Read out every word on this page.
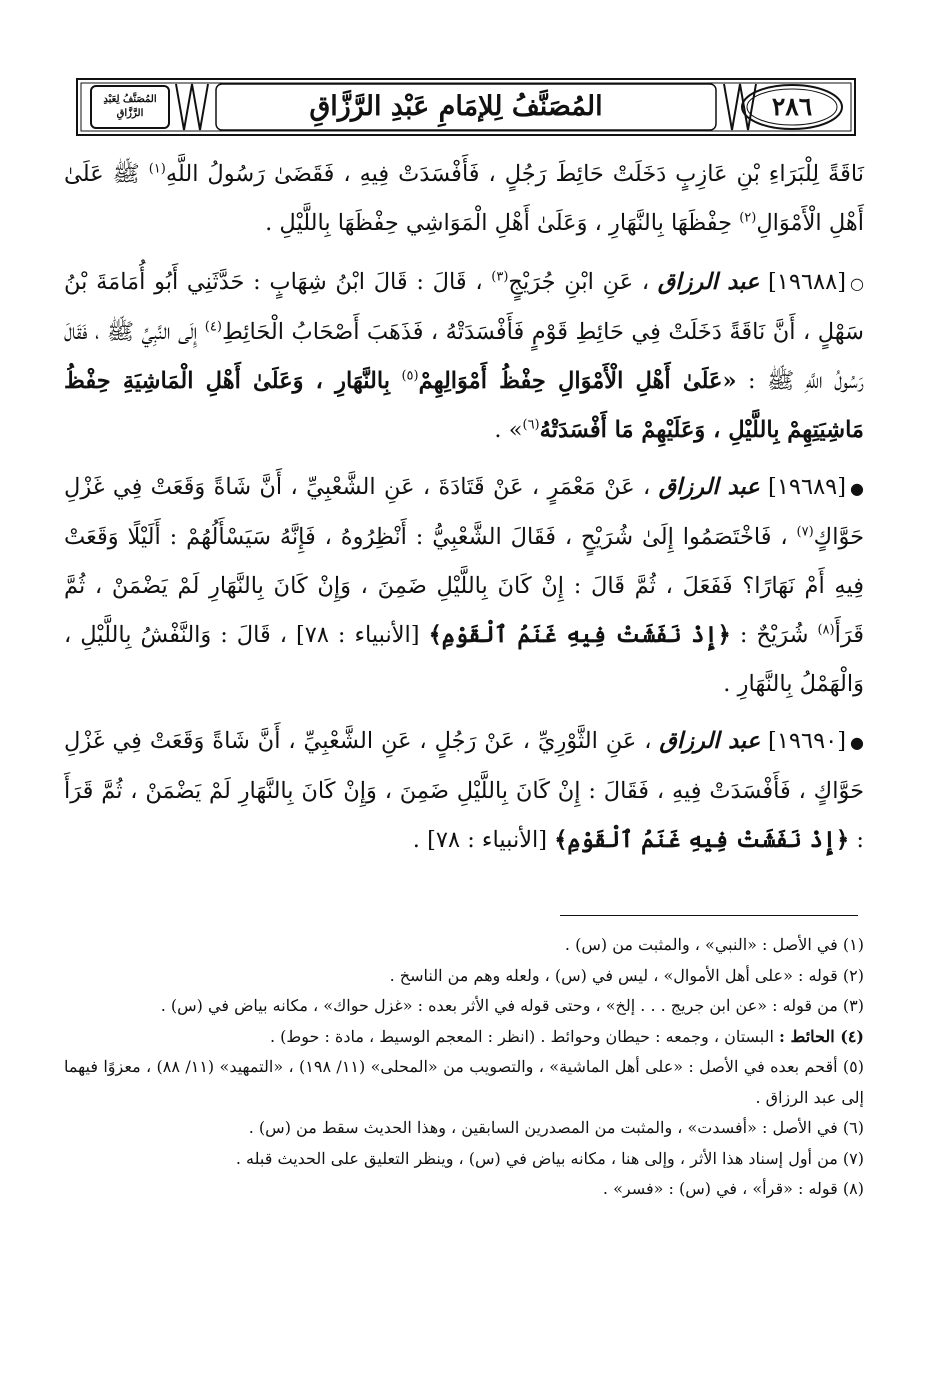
٢٨٦
المُصَنَّفُ لِلإمَامِ عَبْدِ الرَّزَّاقِ
المُصَنَّفُ لِعَبْدِ الرَّزَّاقِ

نَاقَةً لِلْبَرَاءِ بْنِ عَازِبٍ دَخَلَتْ حَائِطَ رَجُلٍ ، فَأَفْسَدَتْ فِيهِ ، فَقَضَىٰ رَسُولُ اللَّهِ$^{(١)}$ ﷺ عَلَىٰ أَهْلِ الْأَمْوَالِ$^{(٢)}$ حِفْظَهَا بِالنَّهَارِ ، وَعَلَىٰ أَهْلِ الْمَوَاشِي حِفْظَهَا بِاللَّيْلِ .

○[١٩٦٨٨] عبد الرزاق ، عَنِ ابْنِ جُرَيْجٍ$^{(٣)}$ ، قَالَ : قَالَ ابْنُ شِهَابٍ : حَدَّثَنِي أَبُو أُمَامَةَ بْنُ سَهْلٍ ، أَنَّ نَاقَةً دَخَلَتْ فِي حَائِطِ قَوْمٍ فَأَفْسَدَتْهُ ، فَذَهَبَ أَصْحَابُ الْحَائِطِ$^{(٤)}$ إِلَى النَّبِيِّ ﷺ ، فَقَالَ رَسُولُ اللَّهِ ﷺ : «عَلَىٰ أَهْلِ الْأَمْوَالِ حِفْظُ أَمْوَالِهِمْ$^{(٥)}$ بِالنَّهَارِ ، وَعَلَىٰ أَهْلِ الْمَاشِيَةِ حِفْظُ مَاشِيَتِهِمْ بِاللَّيْلِ ، وَعَلَيْهِمْ مَا أَفْسَدَتْهُ$^{(٦)}$» .

●[١٩٦٨٩] عبد الرزاق ، عَنْ مَعْمَرٍ ، عَنْ قَتَادَةَ ، عَنِ الشَّعْبِيِّ ، أَنَّ شَاةً وَقَعَتْ فِي غَزْلِ حَوَّاكٍ$^{(٧)}$ ، فَاخْتَصَمُوا إِلَىٰ شُرَيْحٍ ، فَقَالَ الشَّعْبِيُّ : أَنْظِرُوهُ ، فَإِنَّهُ سَيَسْأَلُهُمْ : أَلَيْلًا وَقَعَتْ فِيهِ أَمْ نَهَارًا؟ فَفَعَلَ ، ثُمَّ قَالَ : إِنْ كَانَ بِاللَّيْلِ ضَمِنَ ، وَإِنْ كَانَ بِالنَّهَارِ لَمْ يَضْمَنْ ، ثُمَّ قَرَأَ$^{(٨)}$ شُرَيْحٌ : ﴿إِذْ نَفَشَتْ فِيهِ غَنَمُ ٱلْقَوْمِ﴾ [الأنبياء : ٧٨] ، قَالَ : وَالنَّفْشُ بِاللَّيْلِ ، وَالْهَمْلُ بِالنَّهَارِ .

●[١٩٦٩٠] عبد الرزاق ، عَنِ الثَّوْرِيِّ ، عَنْ رَجُلٍ ، عَنِ الشَّعْبِيِّ ، أَنَّ شَاةً وَقَعَتْ فِي غَزْلِ حَوَّاكٍ ، فَأَفْسَدَتْ فِيهِ ، فَقَالَ : إِنْ كَانَ بِاللَّيْلِ ضَمِنَ ، وَإِنْ كَانَ بِالنَّهَارِ لَمْ يَضْمَنْ ، ثُمَّ قَرَأَ : ﴿إِذْ نَفَشَتْ فِيهِ غَنَمُ ٱلْقَوْمِ﴾ [الأنبياء : ٧٨] .

(١) في الأصل : «النبي» ، والمثبت من (س) .

(٢) قوله : «على أهل الأموال» ، ليس في (س) ، ولعله وهم من الناسخ .

(٣) من قوله : «عن ابن جريج . . . إلخ» ، وحتى قوله في الأثر بعده : «غزل حواك» ، مكانه بياض في (س) .

(٤) الحائط : البستان ، وجمعه : حيطان وحوائط . (انظر : المعجم الوسيط ، مادة : حوط) .

(٥) أقحم بعده في الأصل : «على أهل الماشية» ، والتصويب من «المحلى» (١١/ ١٩٨) ، «التمهيد» (١١/ ٨٨) ، معزوًا فيهما إلى عبد الرزاق .

(٦) في الأصل : «أفسدت» ، والمثبت من المصدرين السابقين ، وهذا الحديث سقط من (س) .

(٧) من أول إسناد هذا الأثر ، وإلى هنا ، مكانه بياض في (س) ، وينظر التعليق على الحديث قبله .

(٨) قوله : «قرأ» ، في (س) : «فسر» .
